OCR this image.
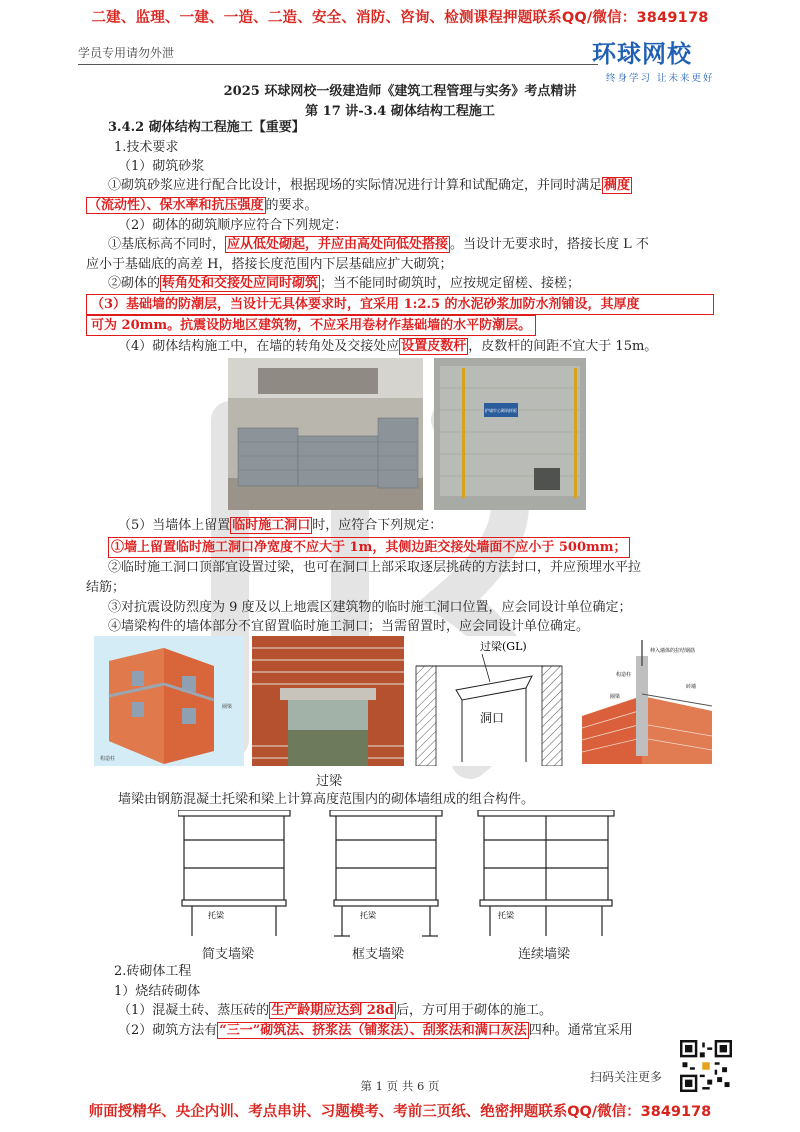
二建、监理、一建、一造、二造、安全、消防、咨询、检测课程押题联系QQ/微信：3849178
学员专用请勿外泄	环球网校
终身学习 让未来更好
2025 环球网校一级建造师《建筑工程管理与实务》考点精讲
第 17 讲-3.4 砌体结构工程施工
3.4.2 砌体结构工程施工【重要】
1.技术要求
（1）砌筑砂浆
①砌筑砂浆应进行配合比设计，根据现场的实际情况进行计算和试配确定，并同时满足 稠度
（流动性）、保水率和抗压强度 的要求。
（2）砌体的砌筑顺序应符合下列规定：
①基底标高不同时， 应从低处砌起，并应由高处向低处搭接 。当设计无要求时，搭接长度 L 不
应小于基础底的高差 H，搭接长度范围内下层基础应扩大砌筑；
②砌体的 转角处和交接处应同时砌筑 ；当不能同时砌筑时，应按规定留槎、接槎；
（3）基础墙的防潮层，当设计无具体要求时，宜采用 1:2.5 的水泥砂浆加防水剂铺设，其厚度
可为 20mm。抗震设防地区建筑物，不应采用卷材作基础墙的水平防潮层。
（4）砌体结构施工中，在墙的转角处及交接处应 设置皮数杆 ，皮数杆的间距不宜大于 15m。
护墙牢心砌筑样板
（5）当墙体上留置 临时施工洞口 时，应符合下列规定：
①墙上留置临时施工洞口净宽度不应大于 1m，其侧边距交接处墙面不应小于 500mm；
②临时施工洞口顶部宜设置过梁，也可在洞口上部采取逐层挑砖的方法封口，并应预埋水平拉
结筋；
③对抗震设防烈度为 9 度及以上地震区建筑物的临时施工洞口位置，应会同设计单位确定；
④墙梁构件的墙体部分不宜留置临时施工洞口；当需留置时，应会同设计单位确定。
圈梁
构造柱
过梁(GL)
洞口
伸入墙体的拉结钢筋
构造柱
砖墙
圈梁
过梁
墙梁由钢筋混凝土托梁和梁上计算高度范围内的砌体墙组成的组合构件。
托梁	托梁	托梁
简支墙梁	框支墙梁	连续墙梁
2.砖砌体工程
1）烧结砖砌体
（1）混凝土砖、蒸压砖的 生产龄期应达到 28d 后，方可用于砌体的施工。
（2）砌筑方法有 “三一”砌筑法、挤浆法（铺浆法）、刮浆法和满口灰法 四种。通常宜采用
扫码关注更多
第 1 页 共 6 页
师面授精华、央企内训、考点串讲、习题模考、考前三页纸、绝密押题联系QQ/微信：3849178
